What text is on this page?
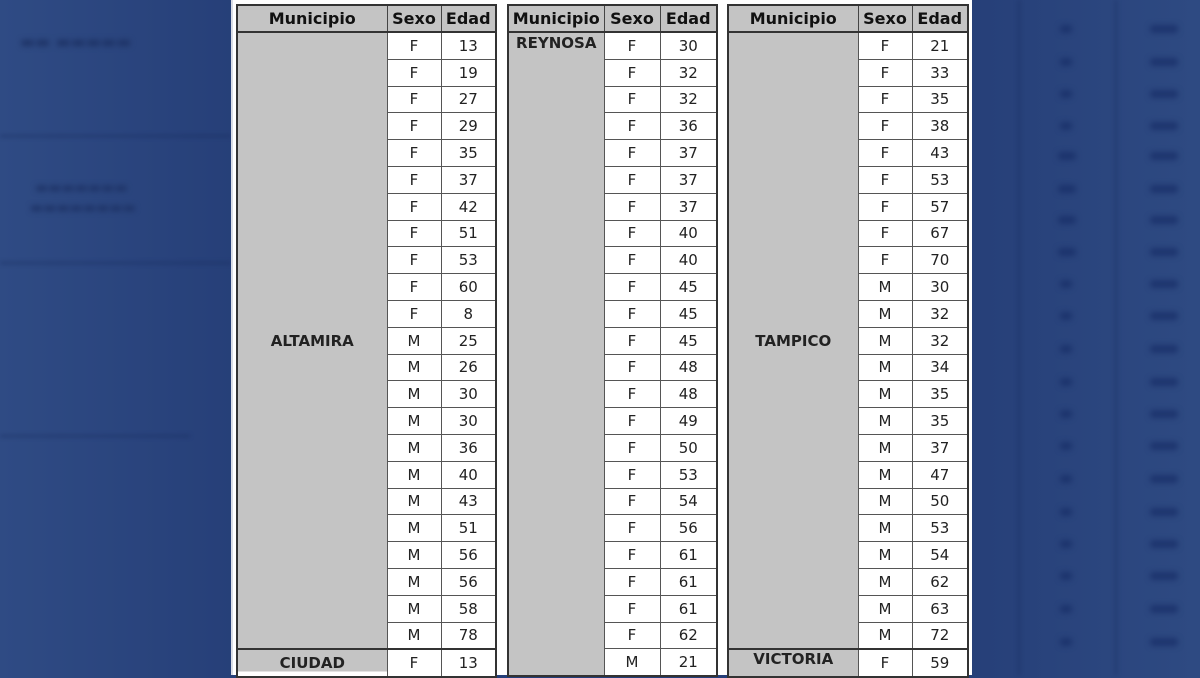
▬▬ ▬▬▬▬▬
▬▬▬▬▬▬▬
▬▬▬▬▬▬▬▬
Municipio	Sexo	Edad
ALTAMIRA	F	13
	F	19
	F	27
	F	29
	F	35
	F	37
	F	42
	F	51
	F	53
	F	60
	F	8
	M	25
	M	26
	M	30
	M	30
	M	36
	M	40
	M	43
	M	51
	M	56
	M	56
	M	58
	M	78
CIUDAD	F	13
Municipio	Sexo	Edad
REYNOSA	F	30
	F	32
	F	32
	F	36
	F	37
	F	37
	F	37
	F	40
	F	40
	F	45
	F	45
	F	45
	F	48
	F	48
	F	49
	F	50
	F	53
	F	54
	F	56
	F	61
	F	61
	F	61
	F	62
	M	21
Municipio	Sexo	Edad
TAMPICO	F	21
	F	33
	F	35
	F	38
	F	43
	F	53
	F	57
	F	67
	F	70
	M	30
	M	32
	M	32
	M	34
	M	35
	M	35
	M	37
	M	47
	M	50
	M	53
	M	54
	M	62
	M	63
	M	72
VICTORIA	F	59
